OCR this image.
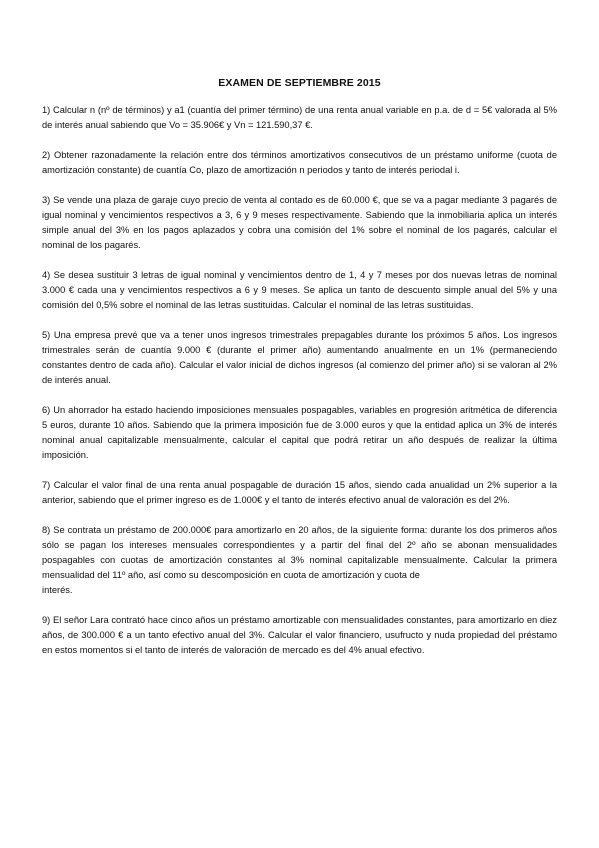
EXAMEN DE SEPTIEMBRE 2015

1) Calcular n (nº de términos) y a1 (cuantía del primer término) de una renta anual variable en p.a. de d = 5€ valorada al 5% de interés anual sabiendo que Vo = 35.906€ y Vn = 121.590,37 €.

2) Obtener razonadamente la relación entre dos términos amortizativos consecutivos de un préstamo uniforme (cuota de amortización constante) de cuantía Co, plazo de amortización n periodos y tanto de interés periodal i.

3) Se vende una plaza de garaje cuyo precio de venta al contado es de 60.000 €, que se va a pagar mediante 3 pagarés de igual nominal y vencimientos respectivos a 3, 6 y 9 meses respectivamente. Sabiendo que la inmobiliaria aplica un interés simple anual del 3% en los pagos aplazados y cobra una comisión del 1% sobre el nominal de los pagarés, calcular el nominal de los pagarés.

4) Se desea sustituir 3 letras de igual nominal y vencimientos dentro de 1, 4 y 7 meses por dos nuevas letras de nominal 3.000 € cada una y vencimientos respectivos a 6 y 9 meses. Se aplica un tanto de descuento simple anual del 5% y una comisión del 0,5% sobre el nominal de las letras sustituidas. Calcular el nominal de las letras sustituidas.

5) Una empresa prevé que va a tener unos ingresos trimestrales prepagables durante los próximos 5 años. Los ingresos trimestrales serán de cuantía 9.000 € (durante el primer año) aumentando anualmente en un 1% (permaneciendo constantes dentro de cada año). Calcular el valor inicial de dichos ingresos (al comienzo del primer año) si se valoran al 2% de interés anual.

6) Un ahorrador ha estado haciendo imposiciones mensuales pospagables, variables en progresión aritmética de diferencia 5 euros, durante 10 años. Sabiendo que la primera imposición fue de 3.000 euros y que la entidad aplica un 3% de interés nominal anual capitalizable mensualmente, calcular el capital que podrá retirar un año después de realizar la última imposición.

7) Calcular el valor final de una renta anual pospagable de duración 15 años, siendo cada anualidad un 2% superior a la anterior, sabiendo que el primer ingreso es de 1.000€ y el tanto de interés efectivo anual de valoración es del 2%.

8) Se contrata un préstamo de 200.000€ para amortizarlo en 20 años, de la siguiente forma: durante los dos primeros años sólo se pagan los intereses mensuales correspondientes y a partir del final del 2º año se abonan mensualidades pospagables con cuotas de amortización constantes al 3% nominal capitalizable mensualmente. Calcular la primera mensualidad del 11º año, así como su descomposición en cuota de amortización y cuota de
interés.

9) El señor Lara contrató hace cinco años un préstamo amortizable con mensualidades constantes, para amortizarlo en diez años, de 300.000 € a un tanto efectivo anual del 3%. Calcular el valor financiero, usufructo y nuda propiedad del préstamo en estos momentos si el tanto de interés de valoración de mercado es del 4% anual efectivo.
